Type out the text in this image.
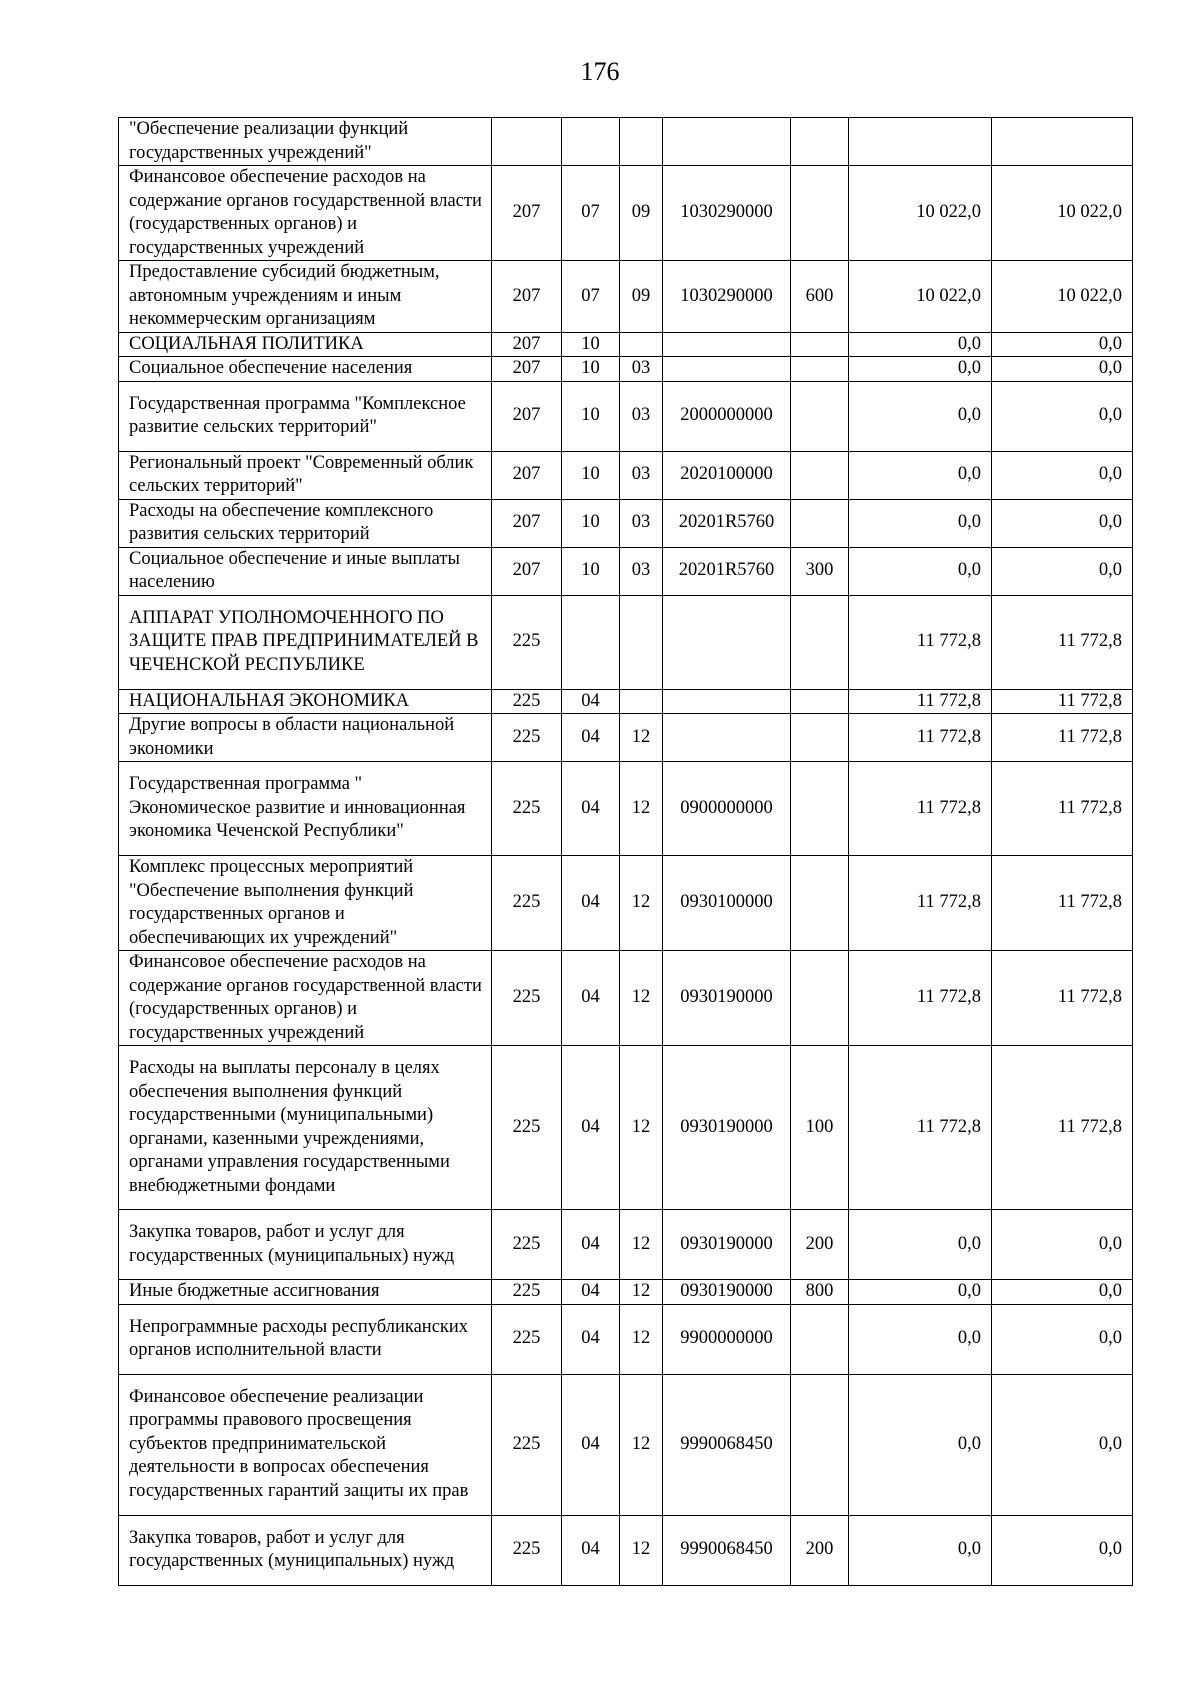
176
"Обеспечение реализации функций государственных учреждений"							
Финансовое обеспечение расходов на содержание органов государственной власти (государственных органов) и государственных учреждений	207	07	09	1030290000		10 022,0	10 022,0
Предоставление субсидий бюджетным, автономным учреждениям и иным некоммерческим организациям	207	07	09	1030290000	600	10 022,0	10 022,0
СОЦИАЛЬНАЯ ПОЛИТИКА	207	10				0,0	0,0
Социальное обеспечение населения	207	10	03			0,0	0,0
Государственная программа "Комплексное развитие сельских территорий"	207	10	03	2000000000		0,0	0,0
Региональный проект "Современный облик сельских территорий"	207	10	03	2020100000		0,0	0,0
Расходы на обеспечение комплексного развития сельских территорий	207	10	03	20201R5760		0,0	0,0
Социальное обеспечение и иные выплаты населению	207	10	03	20201R5760	300	0,0	0,0
АППАРАТ УПОЛНОМОЧЕННОГО ПО ЗАЩИТЕ ПРАВ ПРЕДПРИНИМАТЕЛЕЙ В ЧЕЧЕНСКОЙ РЕСПУБЛИКЕ	225					11 772,8	11 772,8
НАЦИОНАЛЬНАЯ ЭКОНОМИКА	225	04				11 772,8	11 772,8
Другие вопросы в области национальной экономики	225	04	12			11 772,8	11 772,8
Государственная программа " Экономическое развитие и инновационная экономика Чеченской Республики"	225	04	12	0900000000		11 772,8	11 772,8
Комплекс процессных мероприятий "Обеспечение выполнения функций государственных органов и обеспечивающих их учреждений"	225	04	12	0930100000		11 772,8	11 772,8
Финансовое обеспечение расходов на содержание органов государственной власти (государственных органов) и государственных учреждений	225	04	12	0930190000		11 772,8	11 772,8
Расходы на выплаты персоналу в целях обеспечения выполнения функций государственными (муниципальными) органами, казенными учреждениями, органами управления государственными внебюджетными фондами	225	04	12	0930190000	100	11 772,8	11 772,8
Закупка товаров, работ и услуг для государственных (муниципальных) нужд	225	04	12	0930190000	200	0,0	0,0
Иные бюджетные ассигнования	225	04	12	0930190000	800	0,0	0,0
Непрограммные расходы республиканских органов исполнительной власти	225	04	12	9900000000		0,0	0,0
Финансовое обеспечение реализации программы правового просвещения субъектов предпринимательской деятельности в вопросах обеспечения государственных гарантий защиты их прав	225	04	12	9990068450		0,0	0,0
Закупка товаров, работ и услуг для государственных (муниципальных) нужд	225	04	12	9990068450	200	0,0	0,0
